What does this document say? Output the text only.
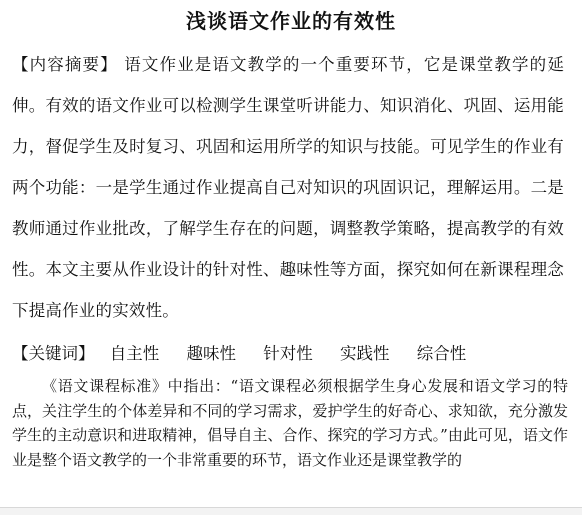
浅谈语文作业的有效性
【内容摘要】 语文作业是语文教学的一个重要环节，它是课堂教学的延伸。有效的语文作业可以检测学生课堂听讲能力、知识消化、巩固、运用能力，督促学生及时复习、巩固和运用所学的知识与技能。可见学生的作业有两个功能：一是学生通过作业提高自己对知识的巩固识记，理解运用。二是教师通过作业批改，了解学生存在的问题，调整教学策略，提高教学的有效性。本文主要从作业设计的针对性、趣味性等方面，探究如何在新课程理念下提高作业的实效性。
【关键词】 自主性 趣味性 针对性 实践性 综合性
《语文课程标准》中指出：“语文课程必须根据学生身心发展和语文学习的特点，关注学生的个体差异和不同的学习需求，爱护学生的好奇心、求知欲，充分激发学生的主动意识和进取精神，倡导自主、合作、探究的学习方式。”由此可见，语文作业是整个语文教学的一个非常重要的环节，语文作业还是课堂教学的
